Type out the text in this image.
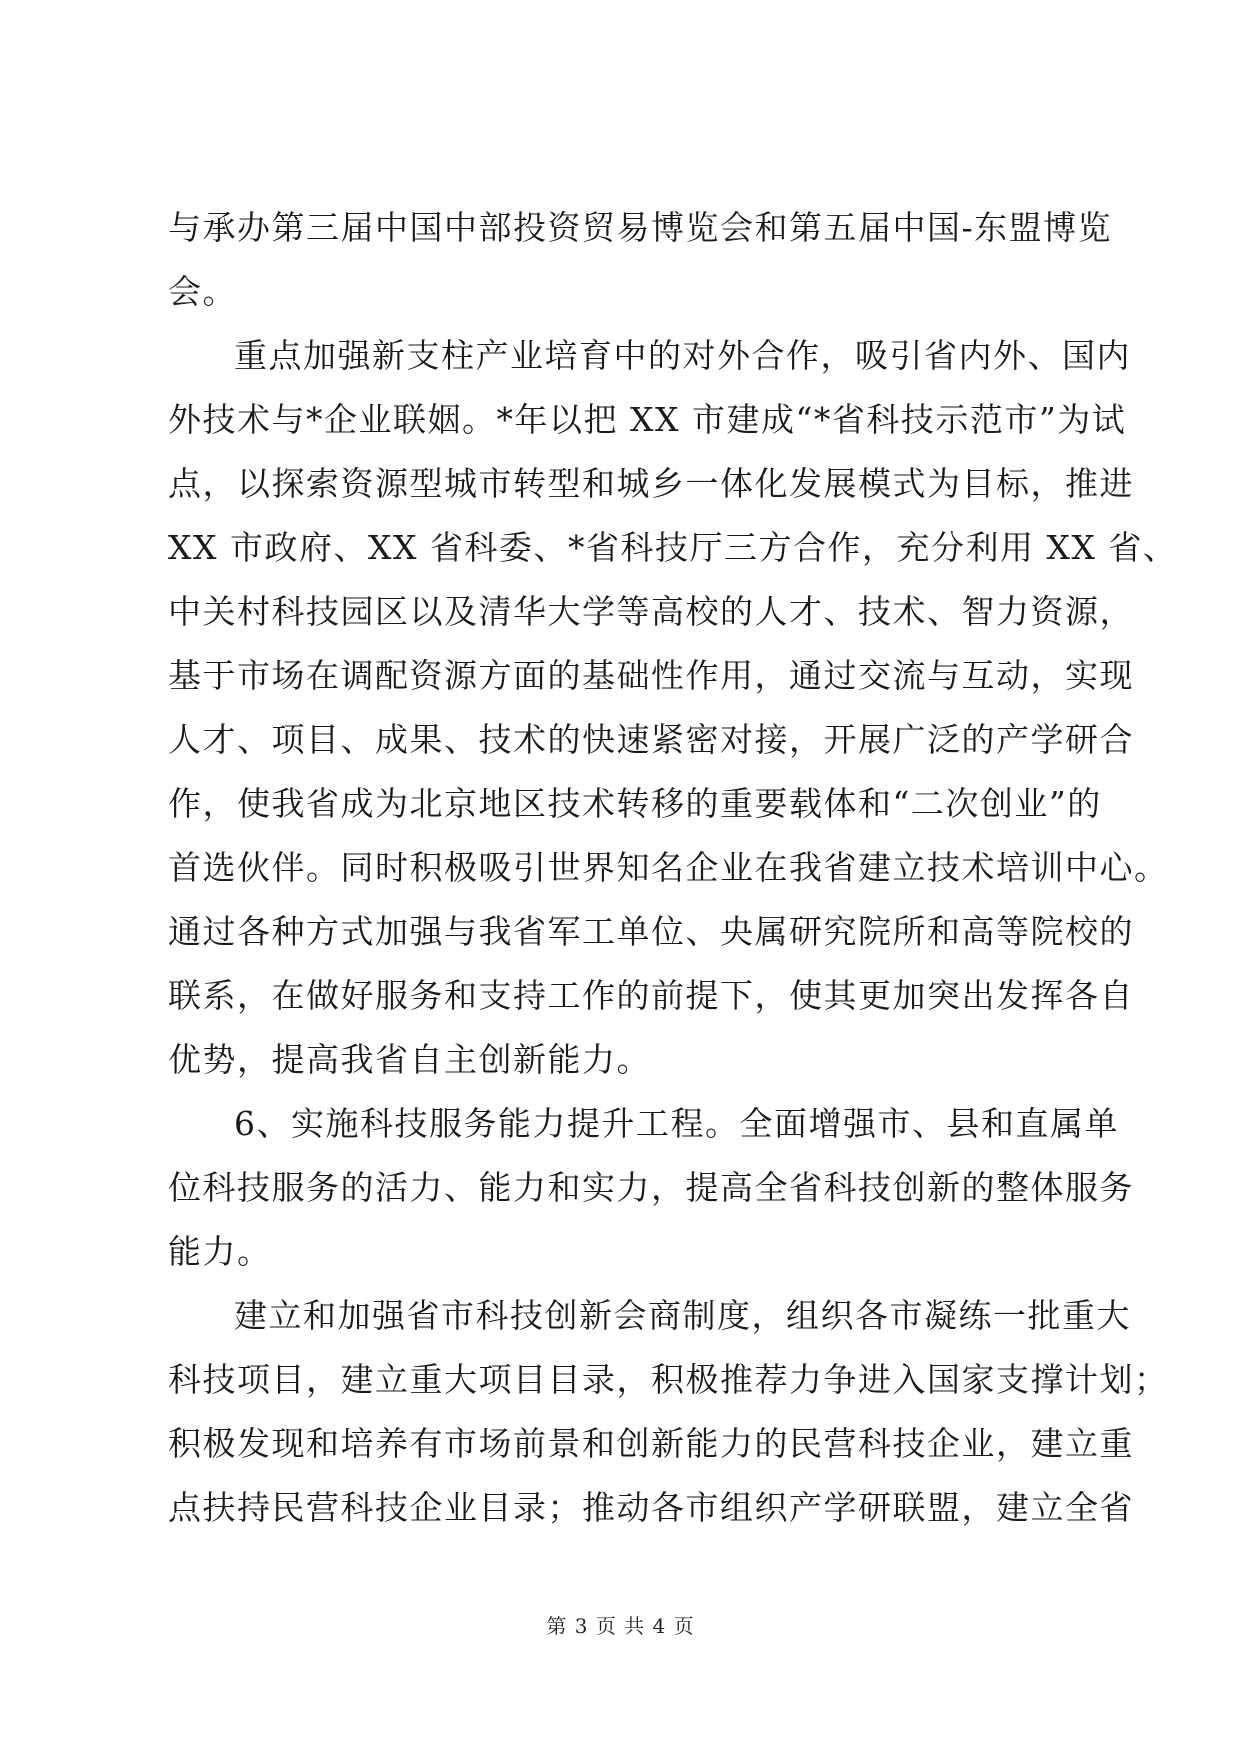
与承办第三届中国中部投资贸易博览会和第五届中国-东盟博览
会。
重点加强新支柱产业培育中的对外合作，吸引省内外、国内
外技术与*企业联姻。*年以把 XX 市建成“*省科技示范市”为试
点，以探索资源型城市转型和城乡一体化发展模式为目标，推进
XX 市政府、XX 省科委、*省科技厅三方合作，充分利用 XX 省、
中关村科技园区以及清华大学等高校的人才、技术、智力资源，
基于市场在调配资源方面的基础性作用，通过交流与互动，实现
人才、项目、成果、技术的快速紧密对接，开展广泛的产学研合
作，使我省成为北京地区技术转移的重要载体和“二次创业”的
首选伙伴。同时积极吸引世界知名企业在我省建立技术培训中心。
通过各种方式加强与我省军工单位、央属研究院所和高等院校的
联系，在做好服务和支持工作的前提下，使其更加突出发挥各自
优势，提高我省自主创新能力。
6、实施科技服务能力提升工程。全面增强市、县和直属单
位科技服务的活力、能力和实力，提高全省科技创新的整体服务
能力。
建立和加强省市科技创新会商制度，组织各市凝练一批重大
科技项目，建立重大项目目录，积极推荐力争进入国家支撑计划；
积极发现和培养有市场前景和创新能力的民营科技企业，建立重
点扶持民营科技企业目录；推动各市组织产学研联盟，建立全省
第 3 页 共 4 页
